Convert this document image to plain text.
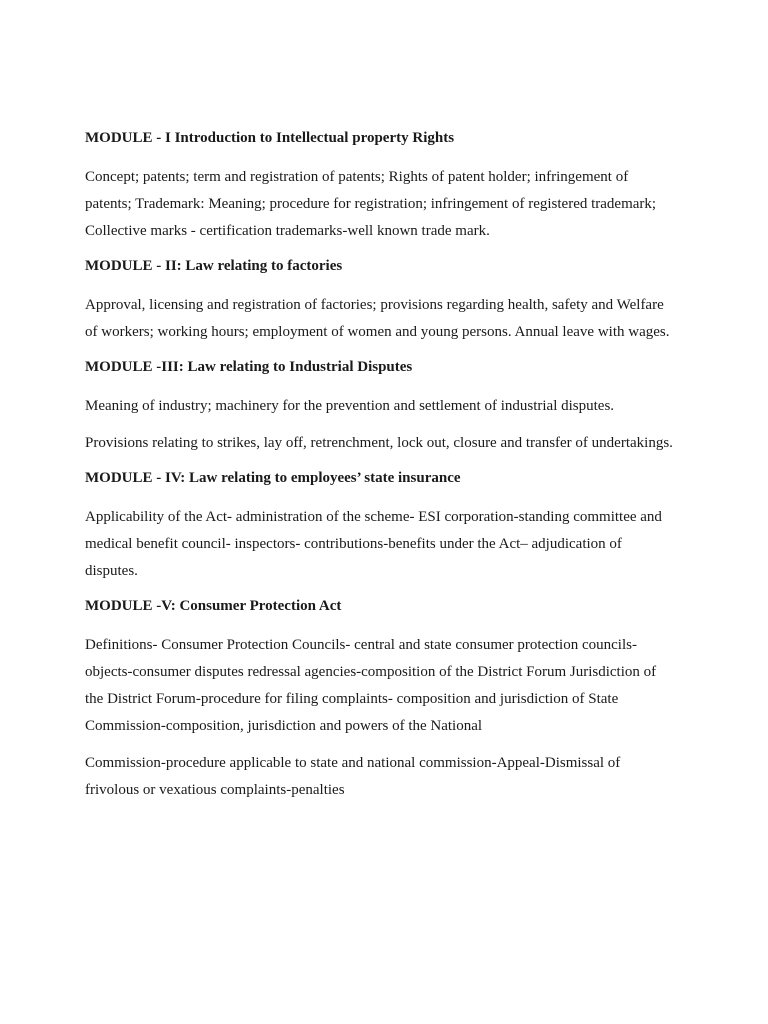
MODULE - I Introduction to Intellectual property Rights
Concept; patents; term and registration of patents; Rights of patent holder; infringement of
patents; Trademark: Meaning; procedure for registration; infringement of registered trademark;
Collective marks - certification trademarks-well known trade mark.
MODULE - II: Law relating to factories
Approval, licensing and registration of factories; provisions regarding health, safety and Welfare
of workers; working hours; employment of women and young persons. Annual leave with wages.
MODULE -III: Law relating to Industrial Disputes
Meaning of industry; machinery for the prevention and settlement of industrial disputes.
Provisions relating to strikes, lay off, retrenchment, lock out, closure and transfer of undertakings.
MODULE - IV: Law relating to employees’ state insurance
Applicability of the Act- administration of the scheme- ESI corporation-standing committee and
medical benefit council- inspectors- contributions-benefits under the Act– adjudication of
disputes.
MODULE -V: Consumer Protection Act
Definitions- Consumer Protection Councils- central and state consumer protection councils-
objects-consumer disputes redressal agencies-composition of the District Forum Jurisdiction of
the District Forum-procedure for filing complaints- composition and jurisdiction of State
Commission-composition, jurisdiction and powers of the National
Commission-procedure applicable to state and national commission-Appeal-Dismissal of
frivolous or vexatious complaints-penalties
